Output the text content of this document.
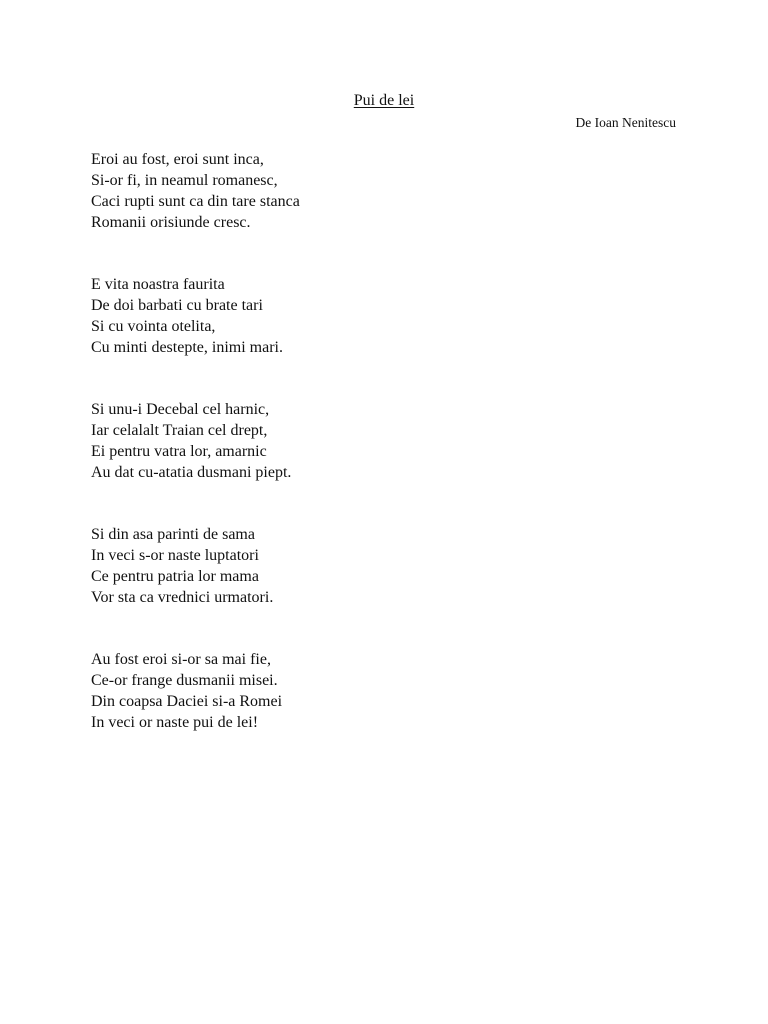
Pui de lei
De Ioan Nenitescu
Eroi au fost, eroi sunt inca,
Si-or fi, in neamul romanesc,
Caci rupti sunt ca din tare stanca
Romanii orisiunde cresc.
E vita noastra faurita
De doi barbati cu brate tari
Si cu vointa otelita,
Cu minti destepte, inimi mari.
Si unu-i Decebal cel harnic,
Iar celalalt Traian cel drept,
Ei pentru vatra lor, amarnic
Au dat cu-atatia dusmani piept.
Si din asa parinti de sama
In veci s-or naste luptatori
Ce pentru patria lor mama
Vor sta ca vrednici urmatori.
Au fost eroi si-or sa mai fie,
Ce-or frange dusmanii misei.
Din coapsa Daciei si-a Romei
In veci or naste pui de lei!
